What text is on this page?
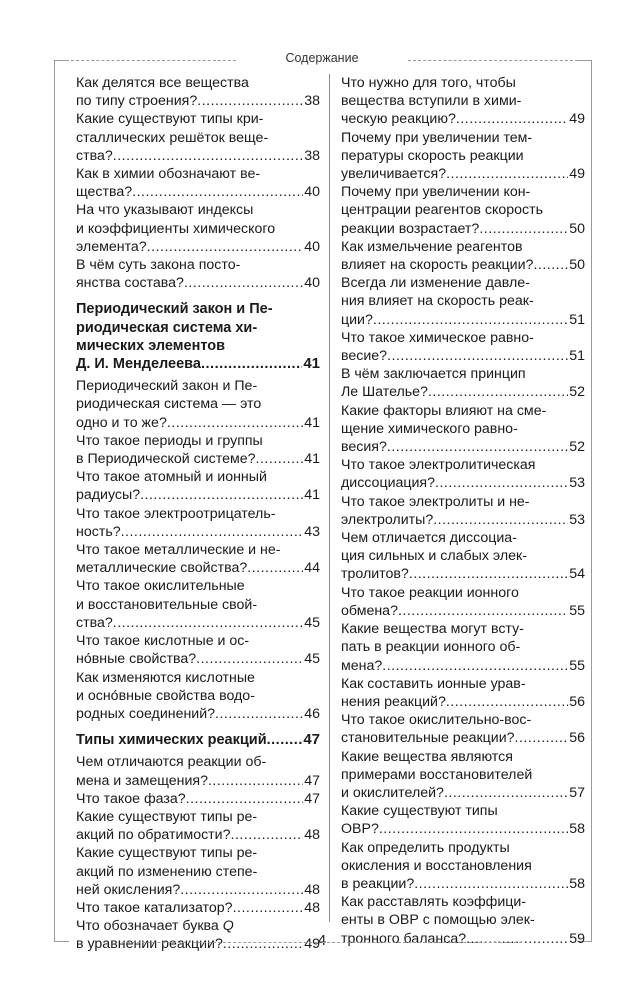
Содержание
Как делятся все вещества
по типу строения? .....	38
Какие существуют типы кри-
сталлических решёток веще-
ства? .....	38
Как в химии обозначают ве-
щества? .....	40
На что указывают индексы
и коэффициенты химического
элемента? .....	40
В чём суть закона посто-
янства состава? .....	40
Периодический закон и Пе-
риодическая система хи-
мических элементов
Д. И. Менделеева .....	41
Периодический закон и Пе-
риодическая система — это
одно и то же? .....	41
Что такое периоды и группы
в Периодической системе? .....	41
Что такое атомный и ионный
радиусы? .....	41
Что такое электроотрицатель-
ность? .....	43
Что такое металлические и не-
металлические свойства? .....	44
Что такое окислительные
и восстановительные свой-
ства? .....	45
Что такое кислотные и ос-
но́вные свойства? .....	45
Как изменяются кислотные
и осно́вные свойства водо-
родных соединений? .....	46
Типы химических реакций ..... 47
Чем отличаются реакции об-
мена и замещения? .....	47
Что такое фаза? .....	47
Какие существуют типы ре-
акций по обратимости? .....	48
Какие существуют типы ре-
акций по изменению степе-
ней окисления? .....	48
Что такое катализатор? .....	48
Что обозначает буква Q
в уравнении реакции? .....	49
Что нужно для того, чтобы
вещества вступили в хими-
ческую реакцию? .....	49
Почему при увеличении тем-
пературы скорость реакции
увеличивается? .....	49
Почему при увеличении кон-
центрации реагентов скорость
реакции возрастает? .....	50
Как измельчение реагентов
влияет на скорость реакции? .....	50
Всегда ли изменение давле-
ния влияет на скорость реак-
ции? .....	51
Что такое химическое равно-
весие? .....	51
В чём заключается принцип
Ле Шателье? .....	52
Какие факторы влияют на сме-
щение химического равно-
весия? .....	52
Что такое электролитическая
диссоциация? .....	53
Что такое электролиты и не-
электролиты? .....	53
Чем отличается диссоциа-
ция сильных и слабых элек-
тролитов? .....	54
Что такое реакции ионного
обмена? .....	55
Какие вещества могут всту-
пать в реакции ионного об-
мена? .....	55
Как составить ионные урав-
нения реакций? .....	56
Что такое окислительно-вос-
становительные реакции? .....	56
Какие вещества являются
примерами восстановителей
и окислителей? .....	57
Какие существуют типы
ОВР? .....	58
Как определить продукты
окисления и восстановления
в реакции? .....	58
Как расставлять коэффици-
енты в ОВР с помощью элек-
тронного баланса? .....	59
4
